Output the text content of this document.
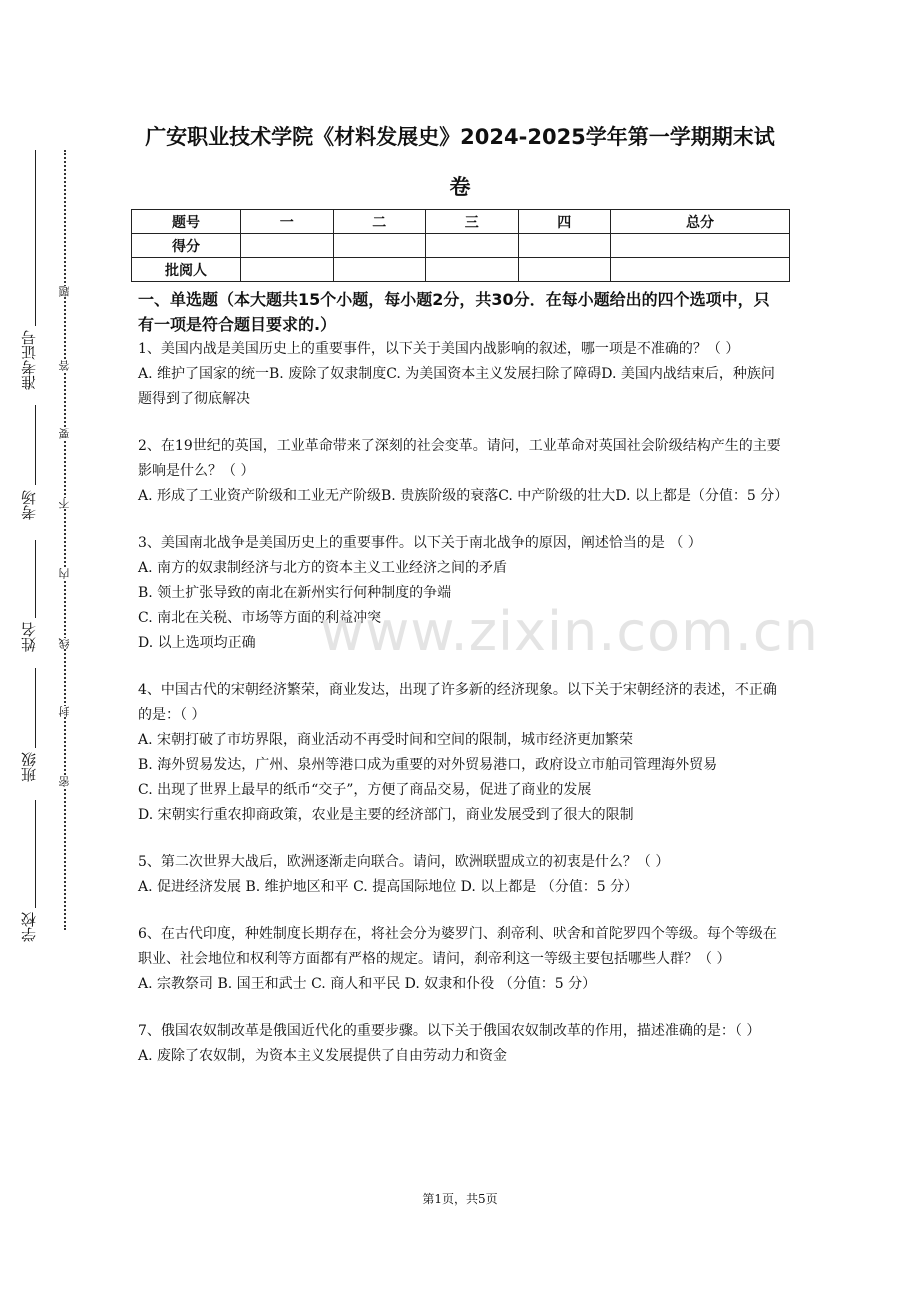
广安职业技术学院《材料发展史》2024-2025学年第一学期期末试
卷
题号	一	二	三	四	总分
得分					
批阅人					

一、单选题（本大题共15个小题，每小题2分，共30分．在每小题给出的四个选项中，只有一项是符合题目要求的.）

1、美国内战是美国历史上的重要事件，以下关于美国内战影响的叙述，哪一项是不准确的？（ ）

A. 维护了国家的统一B. 废除了奴隶制度C. 为美国资本主义发展扫除了障碍D. 美国内战结束后，种族问题得到了彻底解决

2、在19世纪的英国，工业革命带来了深刻的社会变革。请问，工业革命对英国社会阶级结构产生的主要影响是什么？（ ）

A. 形成了工业资产阶级和工业无产阶级B. 贵族阶级的衰落C. 中产阶级的壮大D. 以上都是（分值：5 分）

3、美国南北战争是美国历史上的重要事件。以下关于南北战争的原因，阐述恰当的是 （ ）

A. 南方的奴隶制经济与北方的资本主义工业经济之间的矛盾

B. 领土扩张导致的南北在新州实行何种制度的争端

C. 南北在关税、市场等方面的利益冲突

D. 以上选项均正确

4、中国古代的宋朝经济繁荣，商业发达，出现了许多新的经济现象。以下关于宋朝经济的表述，不正确的是：（ ）

A. 宋朝打破了市坊界限，商业活动不再受时间和空间的限制，城市经济更加繁荣

B. 海外贸易发达，广州、泉州等港口成为重要的对外贸易港口，政府设立市舶司管理海外贸易

C. 出现了世界上最早的纸币“交子”，方便了商品交易，促进了商业的发展

D. 宋朝实行重农抑商政策，农业是主要的经济部门，商业发展受到了很大的限制

5、第二次世界大战后，欧洲逐渐走向联合。请问，欧洲联盟成立的初衷是什么？（ ）

A. 促进经济发展 B. 维护地区和平 C. 提高国际地位 D. 以上都是 （分值：5 分）

6、在古代印度，种姓制度长期存在，将社会分为婆罗门、刹帝利、吠舍和首陀罗四个等级。每个等级在职业、社会地位和权利等方面都有严格的规定。请问，刹帝利这一等级主要包括哪些人群？（ ）

A. 宗教祭司 B. 国王和武士 C. 商人和平民 D. 奴隶和仆役 （分值：5 分）

7、俄国农奴制改革是俄国近代化的重要步骤。以下关于俄国农奴制改革的作用，描述准确的是：（ ）

A. 废除了农奴制，为资本主义发展提供了自由劳动力和资金

第1页，共5页
准考证号
考场
姓名
班级
学校
题
答
要
不
内
线
封
密
www.zixin.com.cn
